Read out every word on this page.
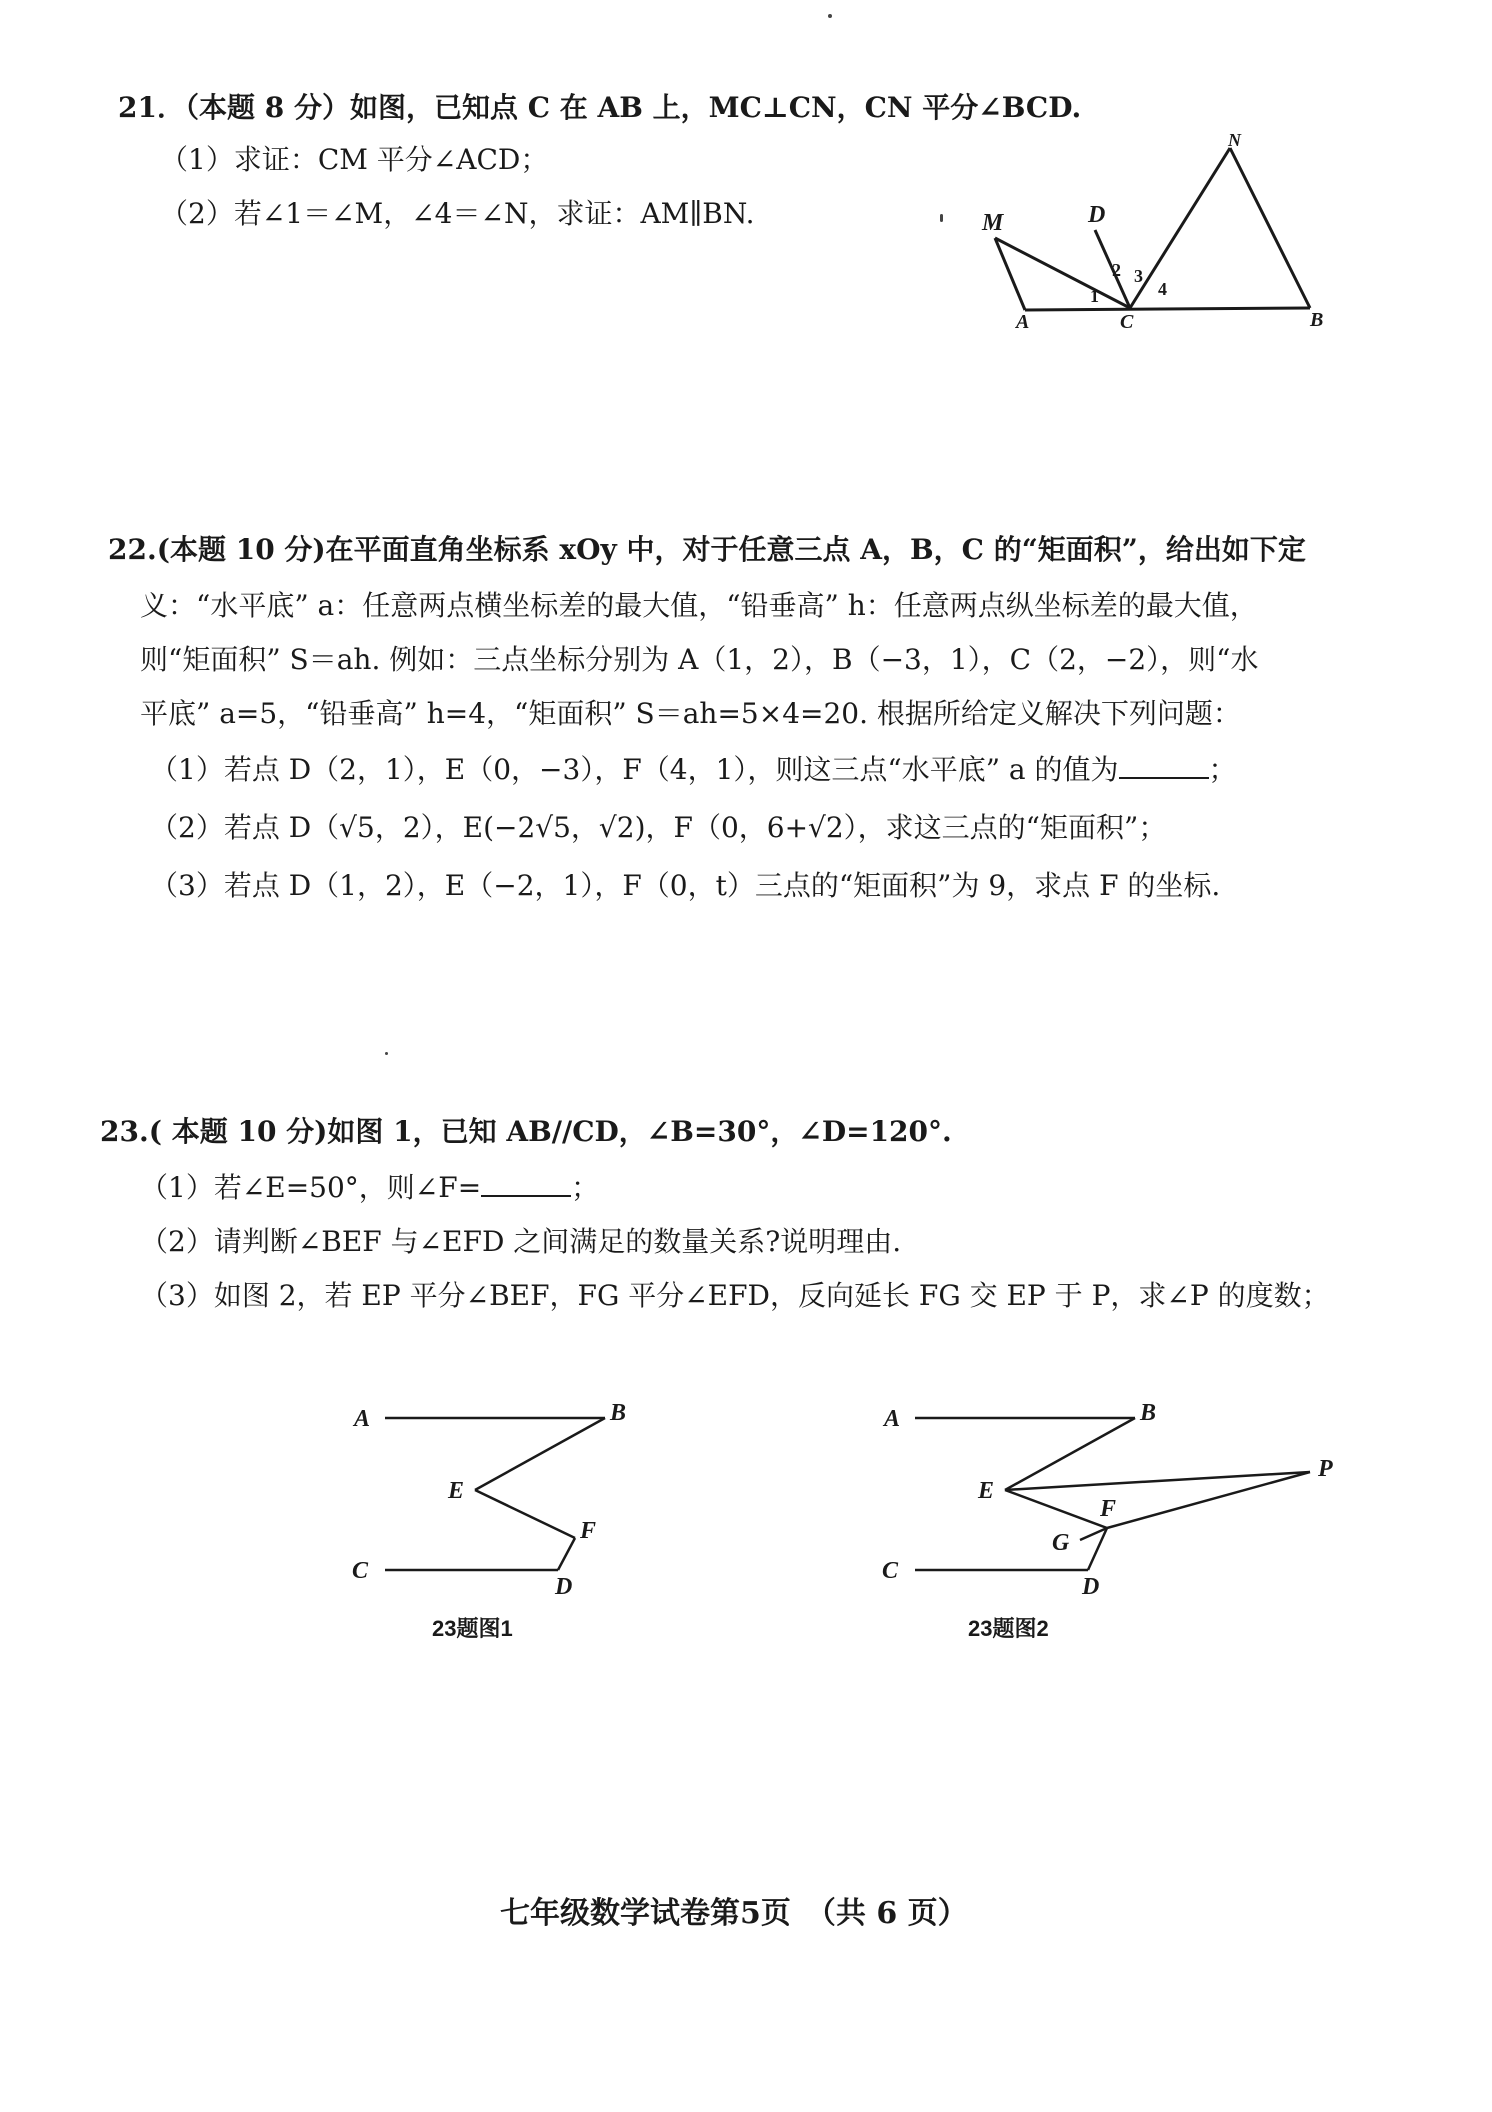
21．（本题 8 分）如图，已知点 C 在 AB 上，MC⊥CN，CN 平分∠BCD.
（1）求证：CM 平分∠ACD；
（2）若∠1＝∠M，∠4＝∠N，求证：AM∥BN.	M	D
N
A	C	B
1
2 3
4
22.(本题 10 分)在平面直角坐标系 xOy 中，对于任意三点 A，B，C 的“矩面积”，给出如下定
义：“水平底” a：任意两点横坐标差的最大值，“铅垂高” h：任意两点纵坐标差的最大值，
则“矩面积” S＝ah. 例如：三点坐标分别为 A（1，2），B（−3，1），C（2，−2），则“水
平底” a=5，“铅垂高” h=4，“矩面积” S＝ah=5×4=20. 根据所给定义解决下列问题：
（1）若点 D（2，1），E（0，−3），F（4，1），则这三点“水平底” a 的值为	；
（2）若点 D（√5，2），E(−2√5，√2)，F（0，6+√2），求这三点的“矩面积”；
（3）若点 D（1，2），E（−2，1），F（0，t）三点的“矩面积”为 9，求点 F 的坐标.
23.( 本题 10 分)如图 1，已知 AB//CD，∠B=30°，∠D=120°.
（1）若∠E=50°，则∠F=	；
（2）请判断∠BEF 与∠EFD 之间满足的数量关系?说明理由.
（3）如图 2，若 EP 平分∠BEF，FG 平分∠EFD，反向延长 FG 交 EP 于 P，求∠P 的度数；
A	B
E
F
C
D
23题图1
A	B
E
F
G
P
C
D
23题图2
七年级数学试卷第5页　（共 6 页）
